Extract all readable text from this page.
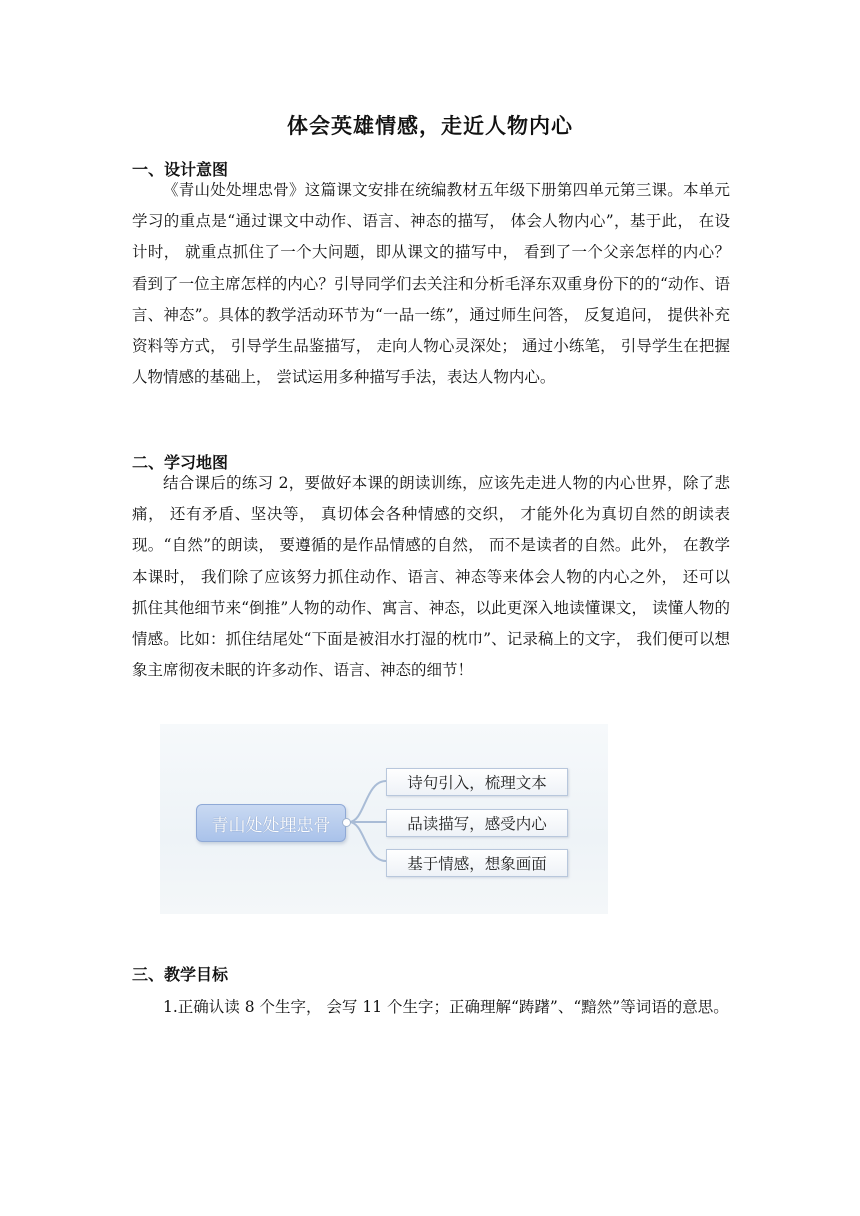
体会英雄情感，走近人物内心
一、设计意图

《青山处处埋忠骨》这篇课文安排在统编教材五年级下册第四单元第三课。本单元学习的重点是“通过课文中动作、语言、神态的描写， 体会人物内心”，基于此， 在设计时， 就重点抓住了一个大问题，即从课文的描写中， 看到了一个父亲怎样的内心？看到了一位主席怎样的内心？引导同学们去关注和分析毛泽东双重身份下的的“动作、语言、神态”。具体的教学活动环节为“一品一练”，通过师生问答， 反复追问， 提供补充资料等方式， 引导学生品鉴描写， 走向人物心灵深处； 通过小练笔， 引导学生在把握人物情感的基础上， 尝试运用多种描写手法，表达人物内心。

二、学习地图

结合课后的练习 2，要做好本课的朗读训练，应该先走进人物的内心世界，除了悲痛， 还有矛盾、坚决等， 真切体会各种情感的交织， 才能外化为真切自然的朗读表现。“自然”的朗读， 要遵循的是作品情感的自然， 而不是读者的自然。此外， 在教学本课时， 我们除了应该努力抓住动作、语言、神态等来体会人物的内心之外， 还可以抓住其他细节来“倒推”人物的动作、寓言、神态，以此更深入地读懂课文， 读懂人物的情感。比如：抓住结尾处“下面是被泪水打湿的枕巾”、记录稿上的文字， 我们便可以想象主席彻夜未眠的许多动作、语言、神态的细节！

青山处处埋忠骨
诗句引入，梳理文本
品读描写，感受内心
基于情感，想象画面
三、教学目标

1.正确认读 8 个生字， 会写 11 个生字；正确理解“踌躇”、“黯然”等词语的意思。
